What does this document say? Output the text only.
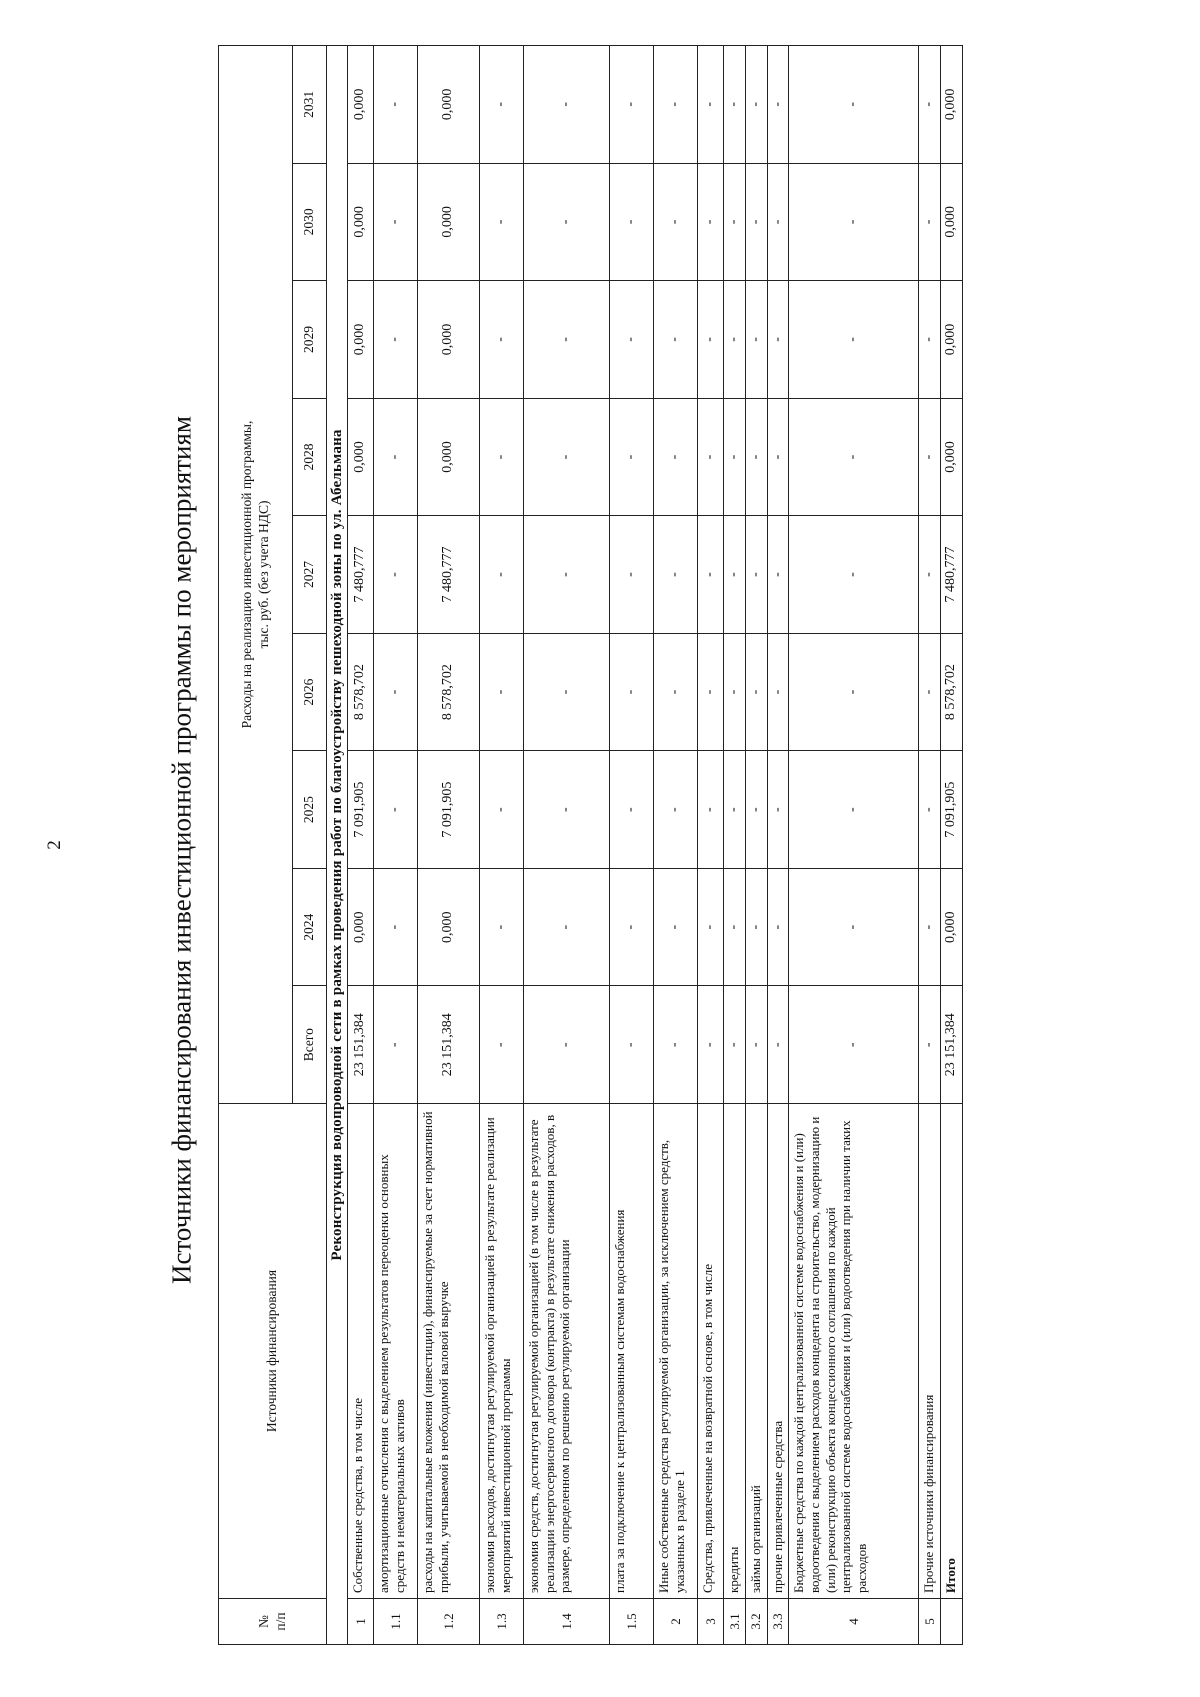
2	Источники финансирования инвестиционной программы по мероприятиям
№
п/п	Источники финансирования	Расходы на реализацию инвестиционной программы,
тыс. руб. (без учета НДС)								
		Всего	2024	2025	2026	2027	2028	2029	2030	2031
Реконструкция водопроводной сети в рамках проведения работ по благоустройству пешеходной зоны по ул. Абельмана										
1	Собственные средства, в том числе	23 151,384	0,000	7 091,905	8 578,702	7 480,777	0,000	0,000	0,000	0,000
1.1	амортизационные отчисления с выделением результатов переоценки основных средств и нематериальных активов	-	-	-	-	-	-	-	-	-
1.2	расходы на капитальные вложения (инвестиции), финансируемые за счет нормативной прибыли, учитываемой в необходимой валовой выручке	23 151,384	0,000	7 091,905	8 578,702	7 480,777	0,000	0,000	0,000	0,000
1.3	экономия расходов, достигнутая регулируемой организацией в результате реализации мероприятий инвестиционной программы	-	-	-	-	-	-	-	-	-
1.4	экономия средств, достигнутая регулируемой организацией (в том числе в результате реализации энергосервисного договора (контракта) в результате снижения расходов, в размере, определенном по решению регулируемой организации	-	-	-	-	-	-	-	-	-
1.5	плата за подключение к централизованным системам водоснабжения	-	-	-	-	-	-	-	-	-
2	Иные собственные средства регулируемой организации, за исключением средств, указанных в разделе 1	-	-	-	-	-	-	-	-	-
3	Средства, привлеченные на возвратной основе, в том числе	-	-	-	-	-	-	-	-	-
3.1	кредиты	-	-	-	-	-	-	-	-	-
3.2	займы организаций	-	-	-	-	-	-	-	-	-
3.3	прочие привлеченные средства	-	-	-	-	-	-	-	-	-
4	Бюджетные средства по каждой централизованной системе водоснабжения и (или) водоотведения с выделением расходов концедента на строительство, модернизацию и (или) реконструкцию объекта концессионного соглашения по каждой централизованной системе водоснабжения и (или) водоотведения при наличии таких расходов	-	-	-	-	-	-	-	-	-
5	Прочие источники финансирования	-	-	-	-	-	-	-	-	-
	Итого	23 151,384	0,000	7 091,905	8 578,702	7 480,777	0,000	0,000	0,000	0,000
